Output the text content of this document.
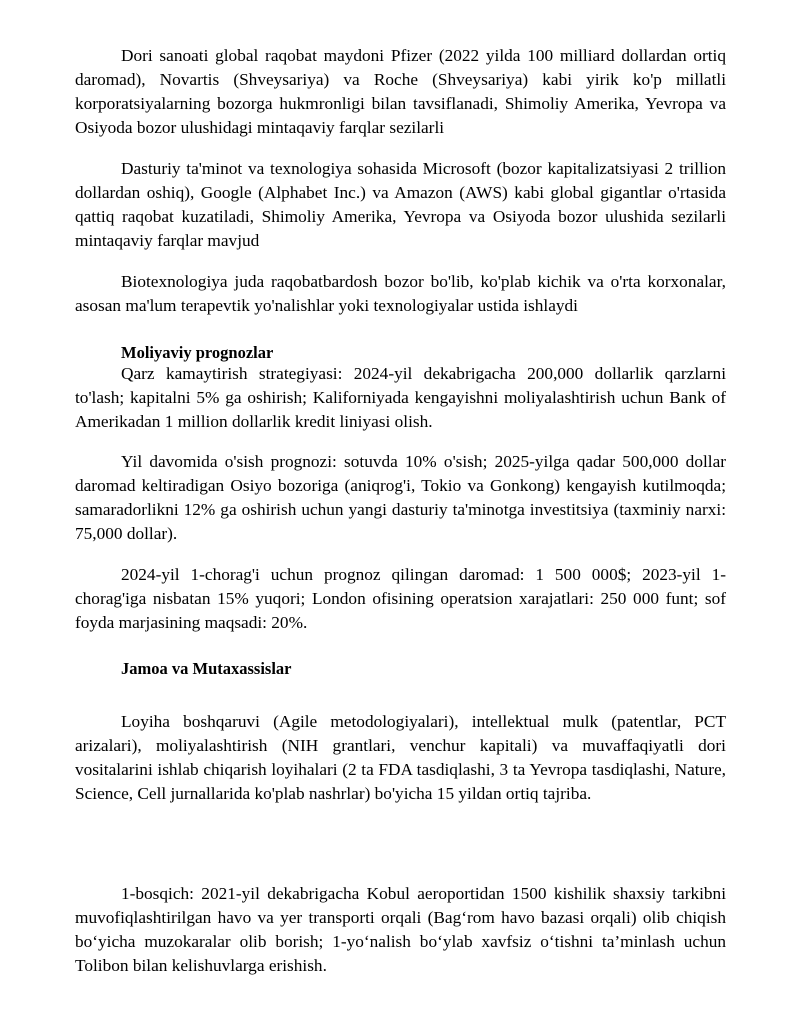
Dori sanoati global raqobat maydoni Pfizer (2022 yilda 100 milliard dollardan ortiq daromad), Novartis (Shveysariya) va Roche (Shveysariya) kabi yirik ko'p millatli korporatsiyalarning bozorga hukmronligi bilan tavsiflanadi, Shimoliy Amerika, Yevropa va Osiyoda bozor ulushidagi mintaqaviy farqlar sezilarli

Dasturiy ta'minot va texnologiya sohasida Microsoft (bozor kapitalizatsiyasi 2 trillion dollardan oshiq), Google (Alphabet Inc.) va Amazon (AWS) kabi global gigantlar o'rtasida qattiq raqobat kuzatiladi, Shimoliy Amerika, Yevropa va Osiyoda bozor ulushida sezilarli mintaqaviy farqlar mavjud

Biotexnologiya juda raqobatbardosh bozor bo'lib, ko'plab kichik va o'rta korxonalar, asosan ma'lum terapevtik yo'nalishlar yoki texnologiyalar ustida ishlaydi

Moliyaviy prognozlar

Qarz kamaytirish strategiyasi: 2024-yil dekabrigacha 200,000 dollarlik qarzlarni to'lash; kapitalni 5% ga oshirish; Kaliforniyada kengayishni moliyalashtirish uchun Bank of Amerikadan 1 million dollarlik kredit liniyasi olish.

Yil davomida o'sish prognozi: sotuvda 10% o'sish; 2025-yilga qadar 500,000 dollar daromad keltiradigan Osiyo bozoriga (aniqrog'i, Tokio va Gonkong) kengayish kutilmoqda; samaradorlikni 12% ga oshirish uchun yangi dasturiy ta'minotga investitsiya (taxminiy narxi: 75,000 dollar).

2024-yil 1-chorag'i uchun prognoz qilingan daromad: 1 500 000$; 2023-yil 1-chorag'iga nisbatan 15% yuqori; London ofisining operatsion xarajatlari: 250 000 funt; sof foyda marjasining maqsadi: 20%.

Jamoa va Mutaxassislar

Loyiha boshqaruvi (Agile metodologiyalari), intellektual mulk (patentlar, PCT arizalari), moliyalashtirish (NIH grantlari, venchur kapitali) va muvaffaqiyatli dori vositalarini ishlab chiqarish loyihalari (2 ta FDA tasdiqlashi, 3 ta Yevropa tasdiqlashi, Nature, Science, Cell jurnallarida ko'plab nashrlar) bo'yicha 15 yildan ortiq tajriba.

1-bosqich: 2021-yil dekabrigacha Kobul aeroportidan 1500 kishilik shaxsiy tarkibni muvofiqlashtirilgan havo va yer transporti orqali (Bag‘rom havo bazasi orqali) olib chiqish bo‘yicha muzokaralar olib borish; 1-yo‘nalish bo‘ylab xavfsiz o‘tishni ta’minlash uchun Tolibon bilan kelishuvlarga erishish.
